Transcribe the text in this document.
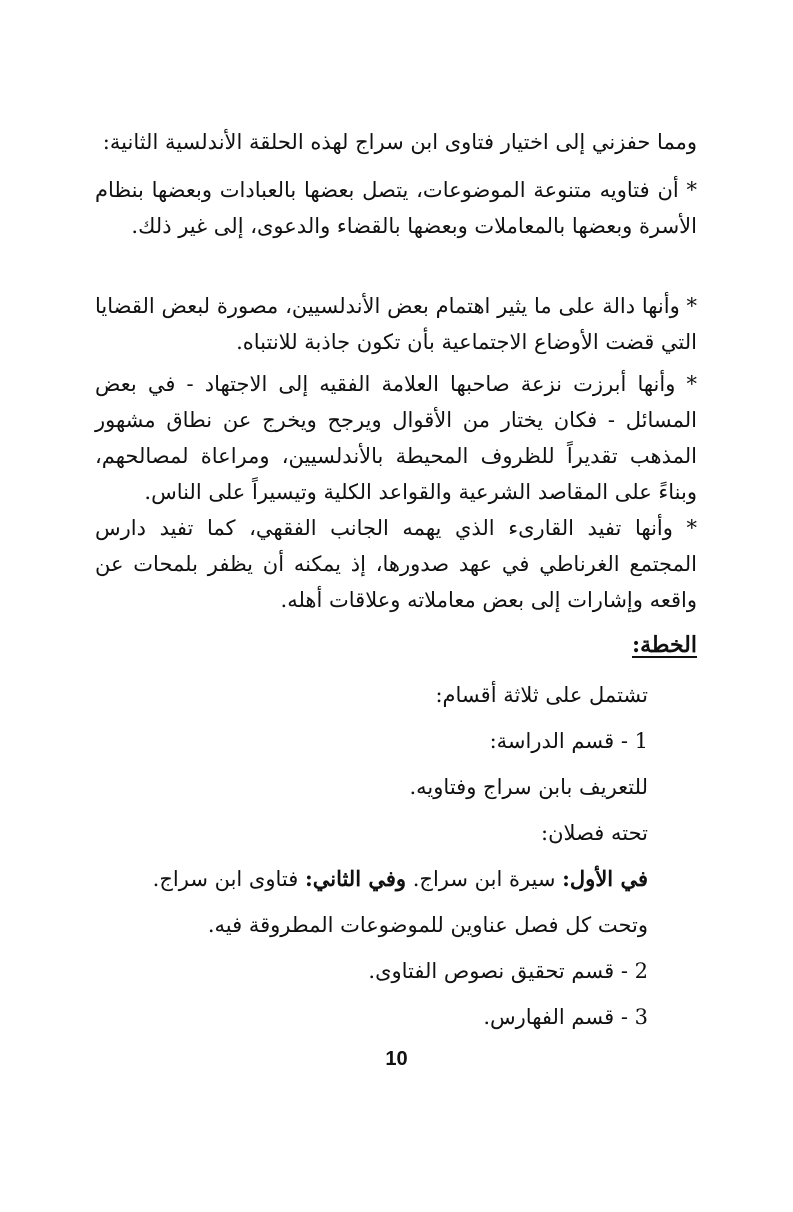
ومما حفزني إلى اختيار فتاوى ابن سراج لهذه الحلقة الأندلسية الثانية:

* أن فتاويه متنوعة الموضوعات، يتصل بعضها بالعبادات وبعضها بنظام الأسرة وبعضها بالمعاملات وبعضها بالقضاء والدعوى، إلى غير ذلك.

* وأنها دالة على ما يثير اهتمام بعض الأندلسيين، مصورة لبعض القضايا التي قضت الأوضاع الاجتماعية بأن تكون جاذبة للانتباه.

* وأنها أبرزت نزعة صاحبها العلامة الفقيه إلى الاجتهاد - في بعض المسائل - فكان يختار من الأقوال ويرجح ويخرج عن نطاق مشهور المذهب تقديراً للظروف المحيطة بالأندلسيين، ومراعاة لمصالحهم، وبناءً على المقاصد الشرعية والقواعد الكلية وتيسيراً على الناس.

* وأنها تفيد القارىء الذي يهمه الجانب الفقهي، كما تفيد دارس المجتمع الغرناطي في عهد صدورها، إذ يمكنه أن يظفر بلمحات عن واقعه وإشارات إلى بعض معاملاته وعلاقات أهله.

الخطة:

تشتمل على ثلاثة أقسام:

1 - قسم الدراسة:

للتعريف بابن سراج وفتاويه.

تحته فصلان:

في الأول: سيرة ابن سراج. وفي الثاني: فتاوى ابن سراج.

وتحت كل فصل عناوين للموضوعات المطروقة فيه.

2 - قسم تحقيق نصوص الفتاوى.

3 - قسم الفهارس.

10
